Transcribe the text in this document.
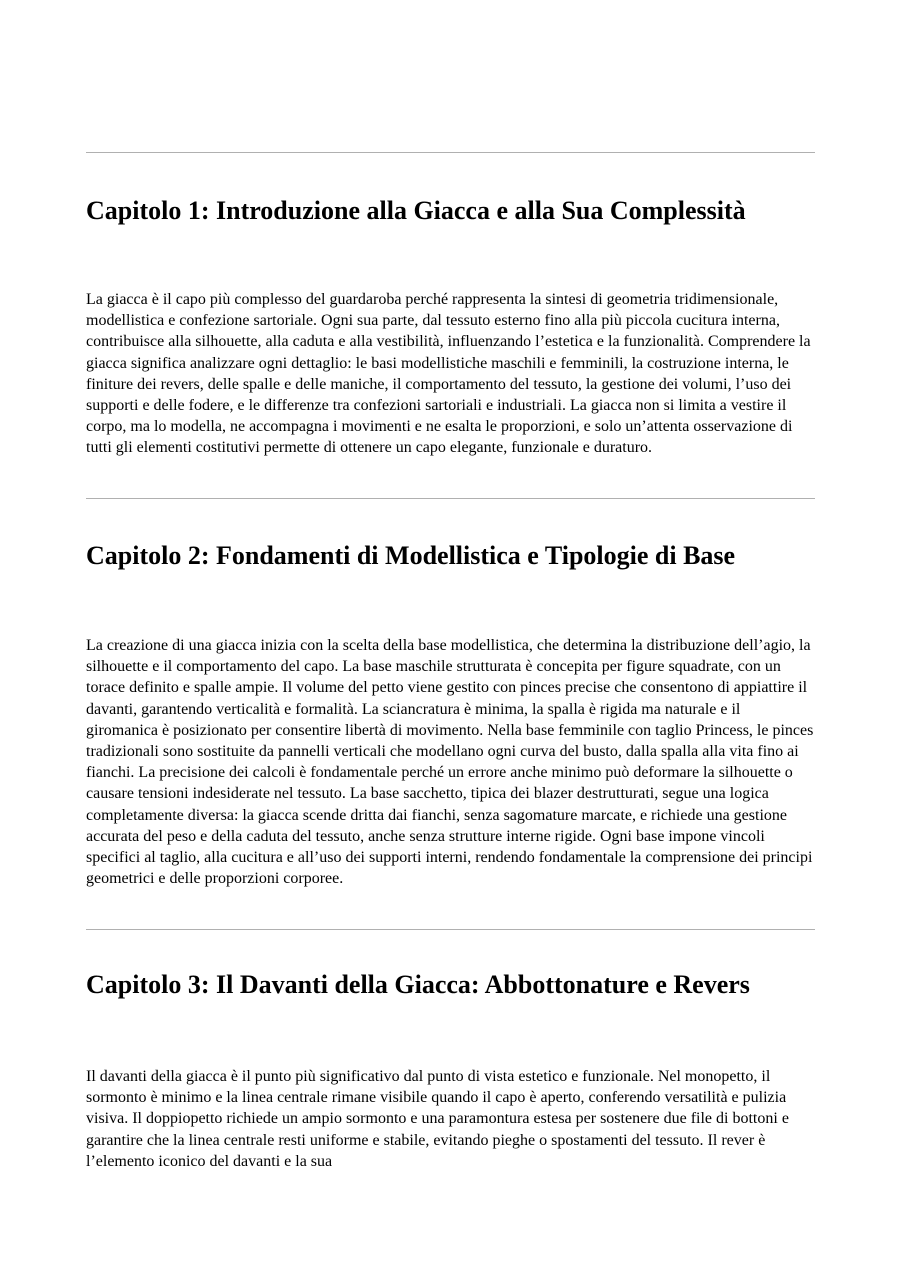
Capitolo 1: Introduzione alla Giacca e alla Sua Complessità

La giacca è il capo più complesso del guardaroba perché rappresenta la sintesi di geometria tridimensionale, modellistica e confezione sartoriale. Ogni sua parte, dal tessuto esterno fino alla più piccola cucitura interna, contribuisce alla silhouette, alla caduta e alla vestibilità, influenzando l’estetica e la funzionalità. Comprendere la giacca significa analizzare ogni dettaglio: le basi modellistiche maschili e femminili, la costruzione interna, le finiture dei revers, delle spalle e delle maniche, il comportamento del tessuto, la gestione dei volumi, l’uso dei supporti e delle fodere, e le differenze tra confezioni sartoriali e industriali. La giacca non si limita a vestire il corpo, ma lo modella, ne accompagna i movimenti e ne esalta le proporzioni, e solo un’attenta osservazione di tutti gli elementi costitutivi permette di ottenere un capo elegante, funzionale e duraturo.

Capitolo 2: Fondamenti di Modellistica e Tipologie di Base

La creazione di una giacca inizia con la scelta della base modellistica, che determina la distribuzione dell’agio, la silhouette e il comportamento del capo. La base maschile strutturata è concepita per figure squadrate, con un torace definito e spalle ampie. Il volume del petto viene gestito con pinces precise che consentono di appiattire il davanti, garantendo verticalità e formalità. La sciancratura è minima, la spalla è rigida ma naturale e il giromanica è posizionato per consentire libertà di movimento. Nella base femminile con taglio Princess, le pinces tradizionali sono sostituite da pannelli verticali che modellano ogni curva del busto, dalla spalla alla vita fino ai fianchi. La precisione dei calcoli è fondamentale perché un errore anche minimo può deformare la silhouette o causare tensioni indesiderate nel tessuto. La base sacchetto, tipica dei blazer destrutturati, segue una logica completamente diversa: la giacca scende dritta dai fianchi, senza sagomature marcate, e richiede una gestione accurata del peso e della caduta del tessuto, anche senza strutture interne rigide. Ogni base impone vincoli specifici al taglio, alla cucitura e all’uso dei supporti interni, rendendo fondamentale la comprensione dei principi geometrici e delle proporzioni corporee.

Capitolo 3: Il Davanti della Giacca: Abbottonature e Revers

Il davanti della giacca è il punto più significativo dal punto di vista estetico e funzionale. Nel monopetto, il sormonto è minimo e la linea centrale rimane visibile quando il capo è aperto, conferendo versatilità e pulizia visiva. Il doppiopetto richiede un ampio sormonto e una paramontura estesa per sostenere due file di bottoni e garantire che la linea centrale resti uniforme e stabile, evitando pieghe o spostamenti del tessuto. Il rever è l’elemento iconico del davanti e la sua
